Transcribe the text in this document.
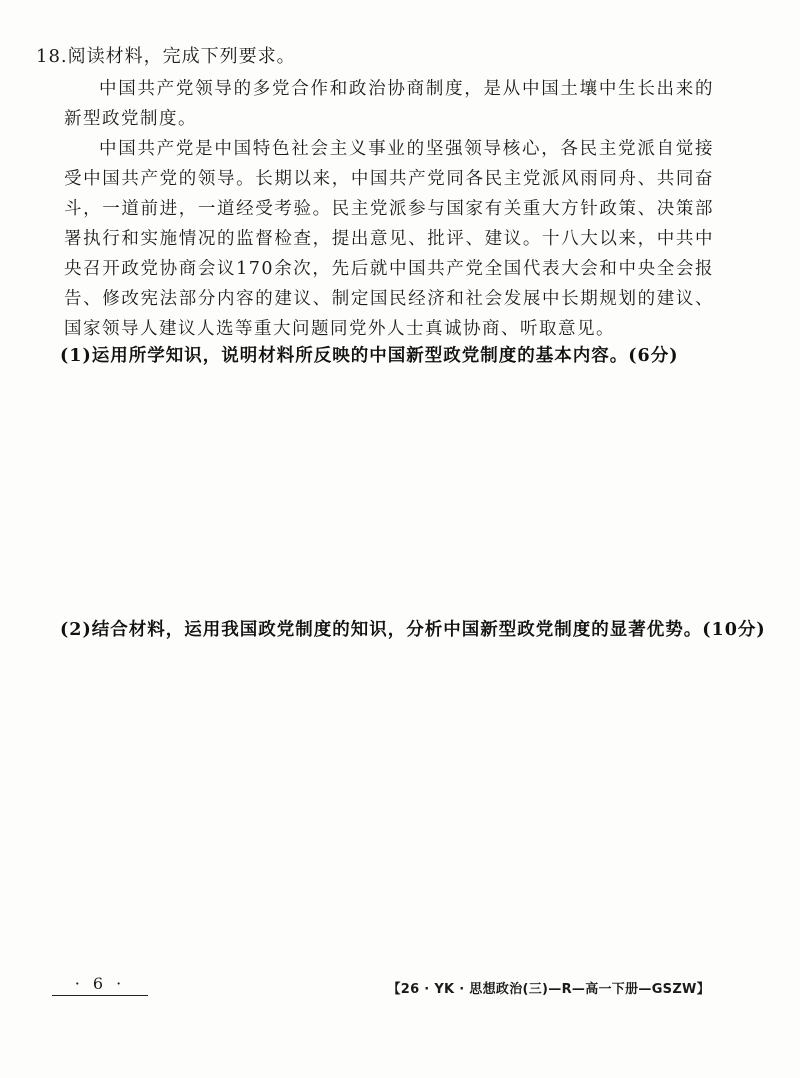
18.阅读材料，完成下列要求。
中国共产党领导的多党合作和政治协商制度，是从中国土壤中生长出来的新型政党制度。
中国共产党是中国特色社会主义事业的坚强领导核心，各民主党派自觉接受中国共产党的领导。长期以来，中国共产党同各民主党派风雨同舟、共同奋斗，一道前进，一道经受考验。民主党派参与国家有关重大方针政策、决策部署执行和实施情况的监督检查，提出意见、批评、建议。十八大以来，中共中央召开政党协商会议170余次，先后就中国共产党全国代表大会和中央全会报告、修改宪法部分内容的建议、制定国民经济和社会发展中长期规划的建议、国家领导人建议人选等重大问题同党外人士真诚协商、听取意见。
(1)运用所学知识，说明材料所反映的中国新型政党制度的基本内容。(6分)
(2)结合材料，运用我国政党制度的知识，分析中国新型政党制度的显著优势。(10分)
· 6 ·	【26 · YK · 思想政治(三)—R—高一下册—GSZW】
